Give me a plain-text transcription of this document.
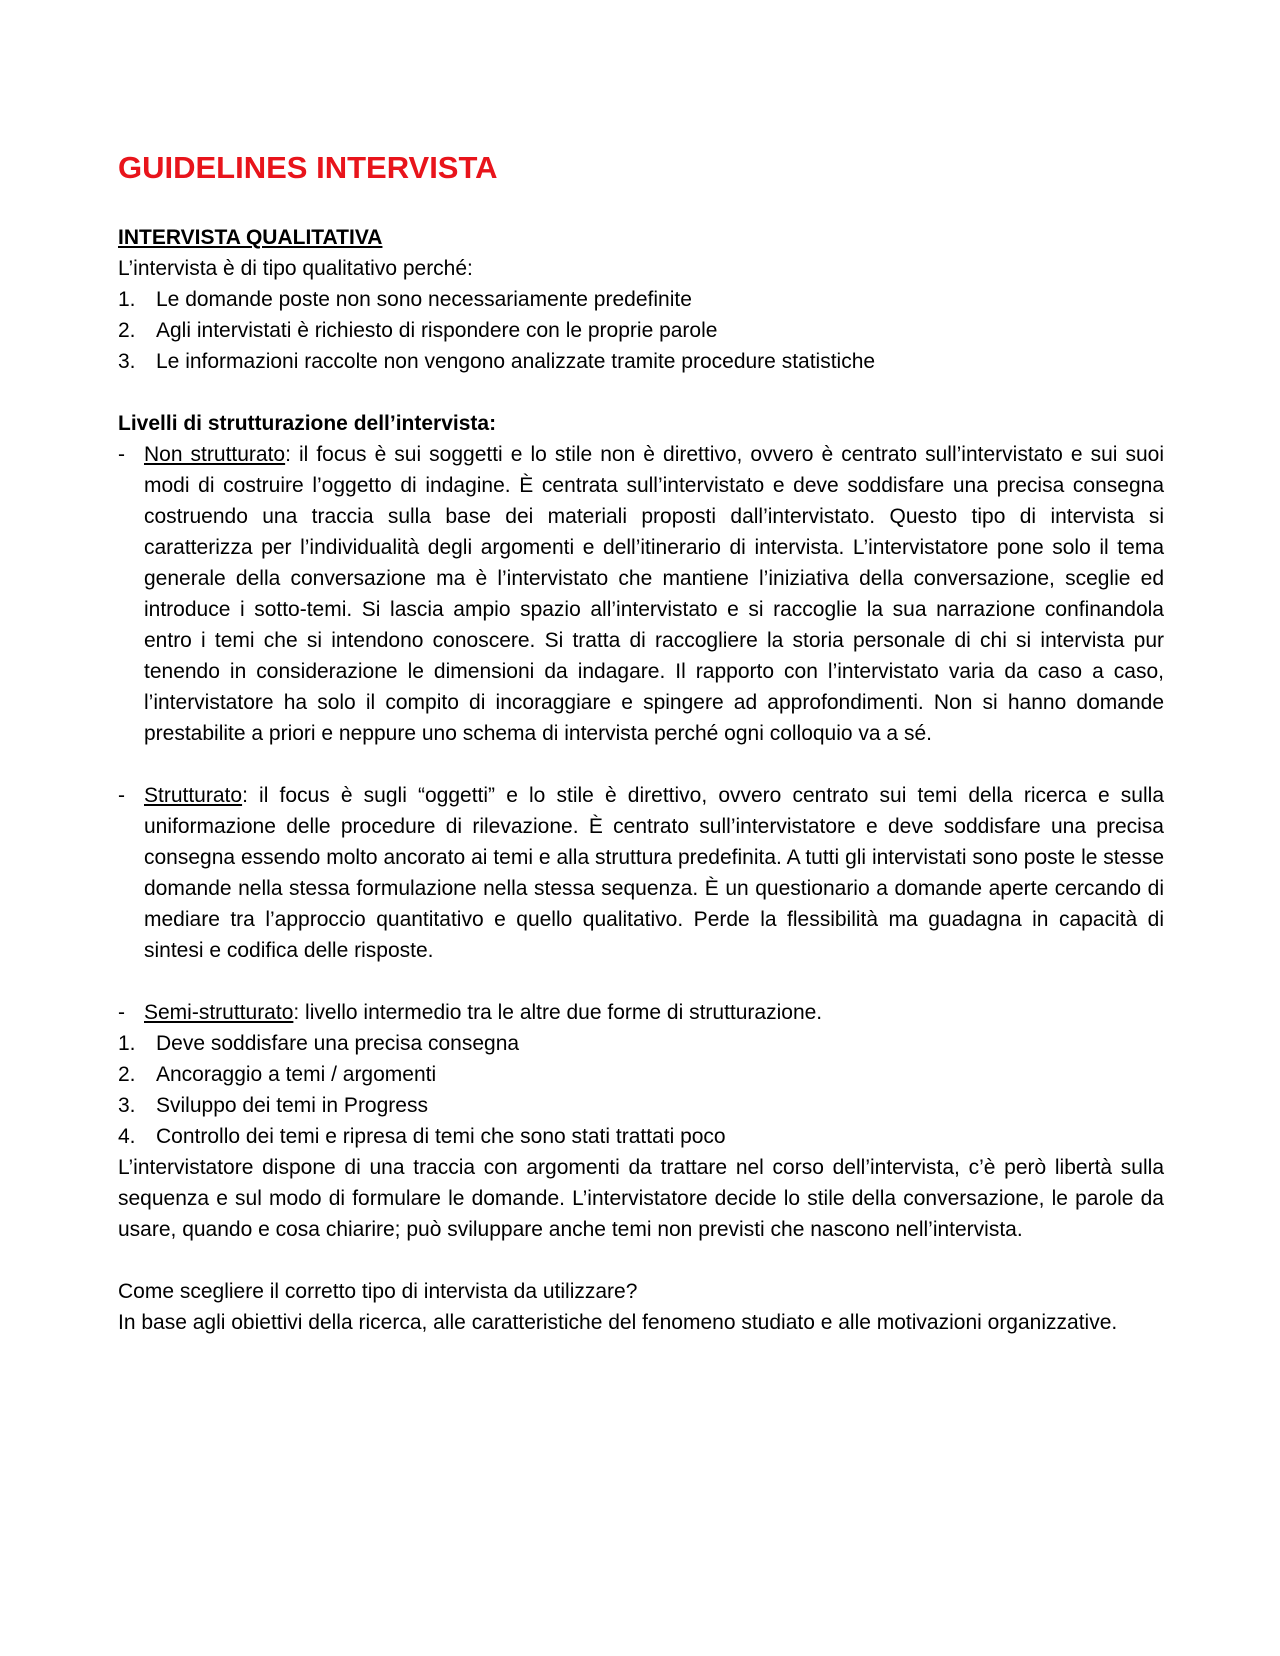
GUIDELINES INTERVISTA

INTERVISTA QUALITATIVA

L’intervista è di tipo qualitativo perché:

1. Le domande poste non sono necessariamente predefinite
2. Agli intervistati è richiesto di rispondere con le proprie parole
3. Le informazioni raccolte non vengono analizzate tramite procedure statistiche

Livelli di strutturazione dell’intervista:

- Non strutturato: il focus è sui soggetti e lo stile non è direttivo, ovvero è centrato sull’intervistato e sui suoi modi di costruire l’oggetto di indagine. È centrata sull’intervistato e deve soddisfare una precisa consegna costruendo una traccia sulla base dei materiali proposti dall’intervistato. Questo tipo di intervista si caratterizza per l’individualità degli argomenti e dell’itinerario di intervista. L’intervistatore pone solo il tema generale della conversazione ma è l’intervistato che mantiene l’iniziativa della conversazione, sceglie ed introduce i sotto-temi. Si lascia ampio spazio all’intervistato e si raccoglie la sua narrazione confinandola entro i temi che si intendono conoscere. Si tratta di raccogliere la storia personale di chi si intervista pur tenendo in considerazione le dimensioni da indagare. Il rapporto con l’intervistato varia da caso a caso, l’intervistatore ha solo il compito di incoraggiare e spingere ad approfondimenti. Non si hanno domande prestabilite a priori e neppure uno schema di intervista perché ogni colloquio va a sé.
- Strutturato: il focus è sugli “oggetti” e lo stile è direttivo, ovvero centrato sui temi della ricerca e sulla uniformazione delle procedure di rilevazione. È centrato sull’intervistatore e deve soddisfare una precisa consegna essendo molto ancorato ai temi e alla struttura predefinita. A tutti gli intervistati sono poste le stesse domande nella stessa formulazione nella stessa sequenza. È un questionario a domande aperte cercando di mediare tra l’approccio quantitativo e quello qualitativo. Perde la flessibilità ma guadagna in capacità di sintesi e codifica delle risposte.
- Semi-strutturato: livello intermedio tra le altre due forme di strutturazione.
1. Deve soddisfare una precisa consegna
2. Ancoraggio a temi / argomenti
3. Sviluppo dei temi in Progress
4. Controllo dei temi e ripresa di temi che sono stati trattati poco

L’intervistatore dispone di una traccia con argomenti da trattare nel corso dell’intervista, c’è però libertà sulla sequenza e sul modo di formulare le domande. L’intervistatore decide lo stile della conversazione, le parole da usare, quando e cosa chiarire; può sviluppare anche temi non previsti che nascono nell’intervista.

Come scegliere il corretto tipo di intervista da utilizzare?

In base agli obiettivi della ricerca, alle caratteristiche del fenomeno studiato e alle motivazioni organizzative.
